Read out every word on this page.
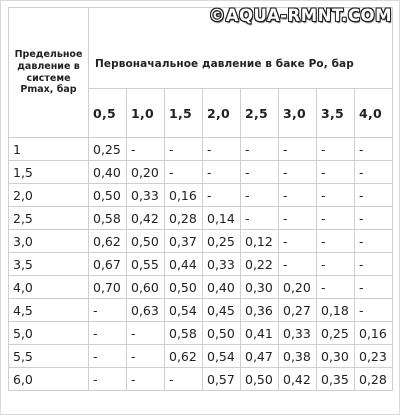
Предельное
давление в
системе
Pmax, бар	Первоначальное давление в баке Po, бар							

	0,5	1,0	1,5	2,0	2,5	3,0	3,5	4,0
1	0,25	-	-	-	-	-	-	-
1,5	0,40	0,20	-	-	-	-	-	-
2,0	0,50	0,33	0,16	-	-	-	-	-
2,5	0,58	0,42	0,28	0,14	-	-	-	-
3,0	0,62	0,50	0,37	0,25	0,12	-	-	-
3,5	0,67	0,55	0,44	0,33	0,22	-	-	-
4,0	0,70	0,60	0,50	0,40	0,30	0,20	-	-
4,5	-	0,63	0,54	0,45	0,36	0,27	0,18	-
5,0	-	-	0,58	0,50	0,41	0,33	0,25	0,16
5,5	-	-	0,62	0,54	0,47	0,38	0,30	0,23
6,0	-	-	-	0,57	0,50	0,42	0,35	0,28
©AQUA-RMNT.COM
